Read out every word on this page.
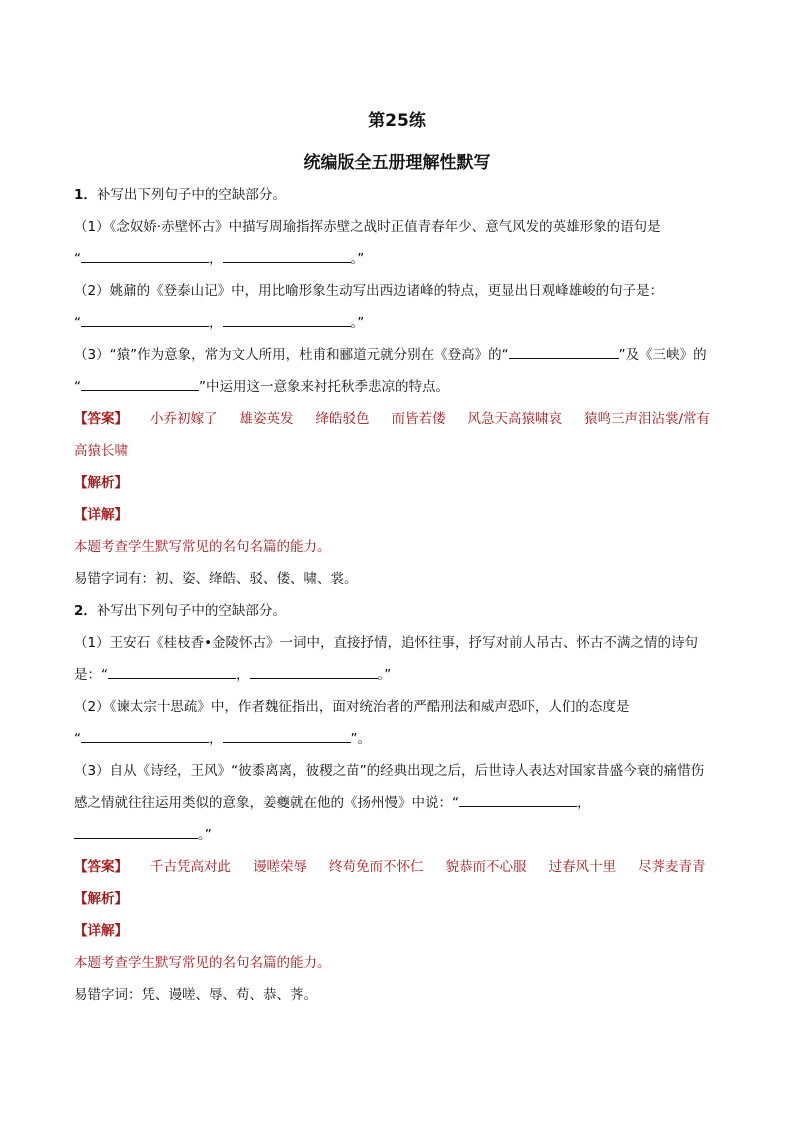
第25练
统编版全五册理解性默写
1．补写出下列句子中的空缺部分。
（1）《念奴娇·赤壁怀古》中描写周瑜指挥赤壁之战时正值青春年少、意气风发的英雄形象的语句是
“	，	。”
（2）姚鼐的《登泰山记》中，用比喻形象生动写出西边诸峰的特点，更显出日观峰雄峻的句子是：
“	，	。”
（3）“猿”作为意象，常为文人所用，杜甫和郦道元就分别在《登高》的“	”及《三峡》的
“	”中运用这一意象来衬托秋季悲凉的特点。
【答案】 小乔初嫁了 雄姿英发 绛皓驳色 而皆若偻 风急天高猿啸哀 猿鸣三声泪沾裳/常有
高猿长啸
【解析】
【详解】
本题考查学生默写常见的名句名篇的能力。
易错字词有：初、姿、绛皓、驳、偻、啸、裳。
2．补写出下列句子中的空缺部分。
（1）王安石《桂枝香•金陵怀古》一词中，直接抒情，追怀往事，抒写对前人吊古、怀古不满之情的诗句
是：“	，	。”
（2）《谏太宗十思疏》中，作者魏征指出，面对统治者的严酷刑法和威声恐吓，人们的态度是
“	，	”。
（3）自从《诗经，王风》“彼黍离离，彼稷之苗”的经典出现之后，后世诗人表达对国家昔盛今衰的痛惜伤
感之情就往往运用类似的意象，姜夔就在他的《扬州慢》中说：“	，
。”
【答案】 千古凭高对此 谩嗟荣辱 终苟免而不怀仁 貌恭而不心服 过春风十里 尽荠麦青青
【解析】
【详解】
本题考查学生默写常见的名句名篇的能力。
易错字词：凭、谩嗟、辱、苟、恭、荠。
